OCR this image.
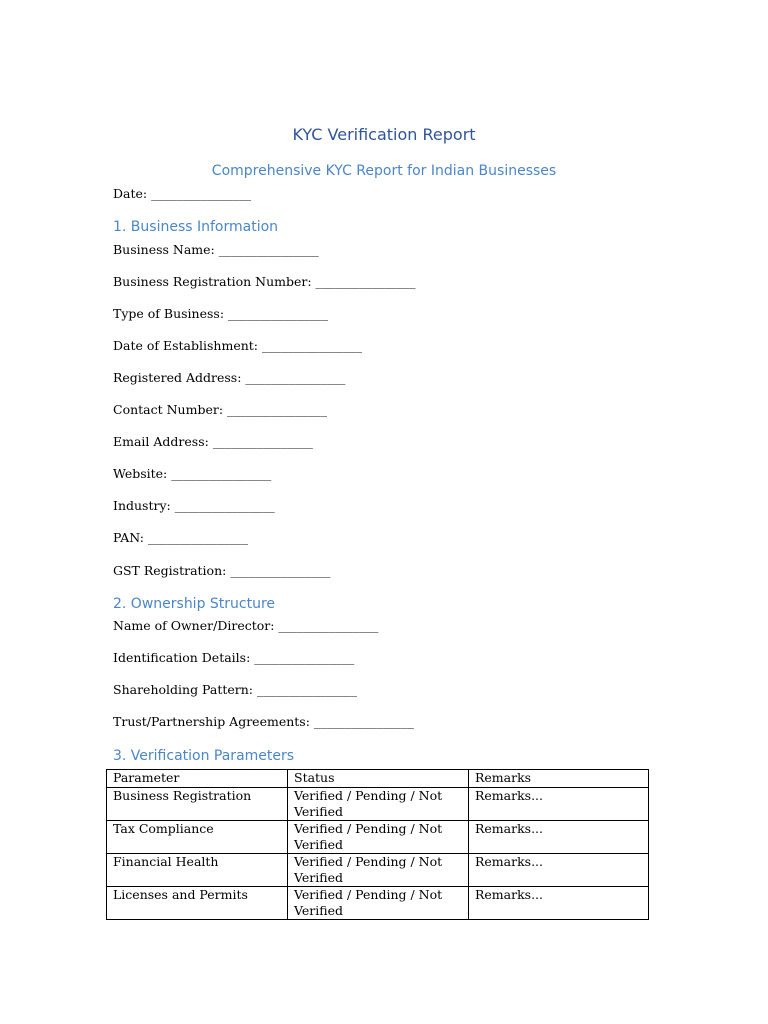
KYC Verification Report
Comprehensive KYC Report for Indian Businesses
Date: ________________
1. Business Information
Business Name: ________________
Business Registration Number: ________________
Type of Business: ________________
Date of Establishment: ________________
Registered Address: ________________
Contact Number: ________________
Email Address: ________________
Website: ________________
Industry: ________________
PAN: ________________
GST Registration: ________________
2. Ownership Structure
Name of Owner/Director: ________________
Identification Details: ________________
Shareholding Pattern: ________________
Trust/Partnership Agreements: ________________
3. Verification Parameters
Parameter	Status	Remarks
Business Registration	Verified / Pending / Not Verified	Remarks...
Tax Compliance	Verified / Pending / Not Verified	Remarks...
Financial Health	Verified / Pending / Not Verified	Remarks...
Licenses and Permits	Verified / Pending / Not Verified	Remarks...
